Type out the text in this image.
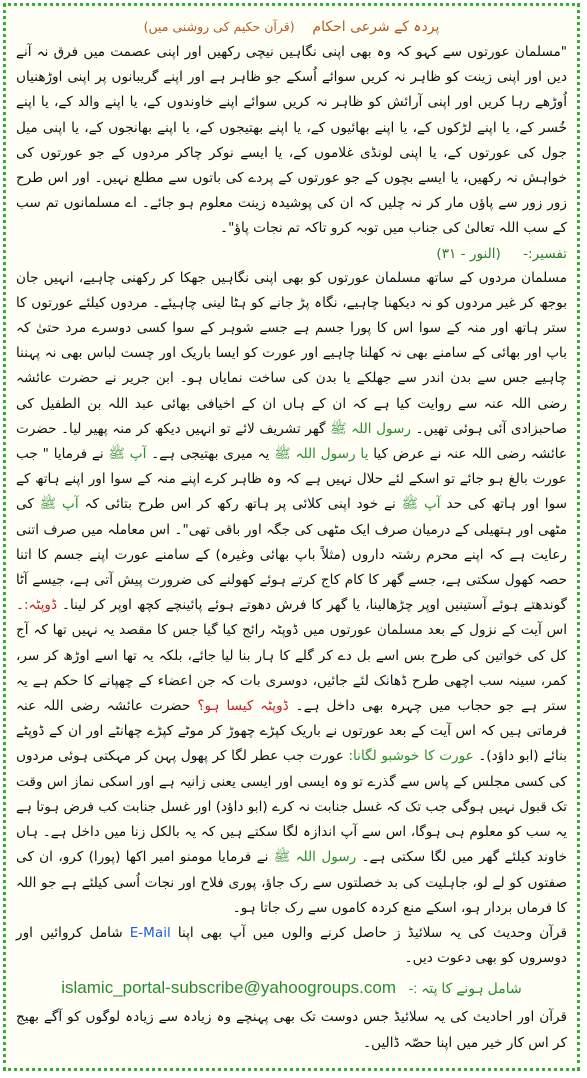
پردہ کے شرعی احکام    (قرآن حکیم کی روشنی میں)

"مسلمان عورتوں سے کہو کہ وہ بھی اپنی نگاہیں نیچی رکھیں اور اپنی عصمت میں فرق نہ آنے دیں اور اپنی زینت کو ظاہر نہ کریں سوائے اُسکے جو ظاہر ہے اور اپنے گریبانوں پر اپنی اوڑھنیاں اُوڑھے رہا کریں اور اپنی آرائش کو ظاہر نہ کریں سوائے اپنے خاوندوں کے، یا اپنے والد کے، یا اپنے خُسر کے، یا اپنے لڑکوں کے، یا اپنے بھائیوں کے، یا اپنے بھتیجوں کے، یا اپنے بھانجوں کے، یا اپنی میل جول کی عورتوں کے، یا اپنی لونڈی غلاموں کے، یا ایسے نوکر چاکر مردوں کے جو عورتوں کی خواہش نہ رکھیں، یا ایسے بچوں کے جو عورتوں کے پردے کی باتوں سے مطلع نہیں۔ اور اس طرح زور زور سے پاؤں مار کر نہ چلیں کہ ان کی پوشیدہ زینت معلوم ہو جائے۔ اے مسلمانوں تم سب کے سب اللہ تعالیٰ کی جناب میں توبہ کرو تاکہ تم نجات پاؤ"۔

تفسیر:- (النور - ۳۱)

مسلمان مردوں کے ساتھ مسلمان عورتوں کو بھی اپنی نگاہیں جھکا کر رکھنی چاہیے، انہیں جان بوجھ کر غیر مردوں کو نہ دیکھنا چاہیے، نگاہ پڑ جانے کو ہٹا لینی چاہیئے۔ مردوں کیلئے عورتوں کا ستر ہاتھ اور منہ کے سوا اس کا پورا جسم ہے جسے شوہر کے سوا کسی دوسرے مرد حتیٰ کہ باپ اور بھائی کے سامنے بھی نہ کھلنا چاہیے اور عورت کو ایسا باریک اور چست لباس بھی نہ پہننا چاہیے جس سے بدن اندر سے جھلکے یا بدن کی ساخت نمایاں ہو۔ ابن جریر نے حضرت عائشہ رضی اللہ عنہ سے روایت کیا ہے کہ ان کے ہاں ان کے اخیافی بھائی عبد اللہ بن الطفیل کی صاحبزادی آئی ہوئی تھیں۔ رسول اللہ ﷺ گھر تشریف لائے تو انہیں دیکھ کر منہ پھیر لیا۔ حضرت عائشہ رضی اللہ عنہ نے عرض کیا یا رسول اللہ ﷺ یہ میری بھتیجی ہے۔ آپ ﷺ نے فرمایا " جب عورت بالغ ہو جائے تو اسکے لئے حلال نہیں ہے کہ وہ ظاہر کرے اپنے منہ کے سوا اور اپنے ہاتھ کے سوا اور ہاتھ کی حد آپ ﷺ نے خود اپنی کلائی پر ہاتھ رکھ کر اس طرح بتائی کہ آپ ﷺ کی مٹھی اور ہتھیلی کے درمیان صرف ایک مٹھی کی جگہ اور باقی تھی"۔ اس معاملہ میں صرف اتنی رعایت ہے کہ اپنے محرم رشتہ داروں (مثلاً باپ بھائی وغیرہ) کے سامنے عورت اپنے جسم کا اتنا حصہ کھول سکتی ہے، جسے گھر کا کام کاج کرتے ہوئے کھولنے کی ضرورت پیش آتی ہے، جیسے آٹا گوندھتے ہوئے آستینیں اوپر چڑھالینا، یا گھر کا فرش دھوتے ہوئے پائینچے کچھ اوپر کر لینا۔ ڈوپٹہ:۔ اس آیت کے نزول کے بعد مسلمان عورتوں میں ڈوپٹہ رائج کیا گیا جس کا مقصد یہ نہیں تھا کہ آج کل کی خواتین کی طرح بس اسے بل دے کر گلے کا ہار بنا لیا جائے، بلکہ یہ تھا اسے اوڑھ کر سر، کمر، سینہ سب اچھی طرح ڈھانک لئے جائیں، دوسری بات کہ جن اعضاء کے چھپانے کا حکم ہے یہ ستر ہے جو حجاب میں چہرہ بھی داخل ہے۔ ڈوپٹہ کیسا ہو؟ حضرت عائشہ رضی اللہ عنہ فرماتی ہیں کہ اس آیت کے بعد عورتوں نے باریک کپڑے چھوڑ کر موٹے کپڑے چھانٹے اور ان کے ڈوپٹے بنائے (ابو داؤد)۔ عورت کا خوشبو لگانا: عورت جب عطر لگا کر پھول پہن کر مہکتی ہوئی مردوں کی کسی مجلس کے پاس سے گذرے تو وہ ایسی اور ایسی یعنی زانیہ ہے اور اسکی نماز اس وقت تک قبول نہیں ہوگی جب تک کہ غسل جنابت نہ کرے (ابو داؤد) اور غسل جنابت کب فرض ہوتا ہے یہ سب کو معلوم ہی ہوگا، اس سے آپ اندازہ لگا سکتے ہیں کہ یہ بالکل زنا میں داخل ہے۔ ہاں خاوند کیلئے گھر میں لگا سکتی ہے۔ رسول اللہ ﷺ نے فرمایا مومنو امیر اکھا (پورا) کرو، ان کی صفتوں کو لے لو، جاہلیت کی بد خصلتوں سے رک جاؤ، پوری فلاح اور نجات اُسی کیلئے ہے جو اللہ کا فرماں بردار ہو، اسکے منع کردہ کاموں سے رک جاتا ہو۔

قرآن وحدیث کی یہ سلائیڈ ز حاصل کرنے والوں میں آپ بھی اپنا E-Mail شامل کروائیں اور دوسروں کو بھی دعوت دیں۔

islamic_portal-subscribe@yahoogroups.com شامل ہونے کا پتہ :-

قرآن اور احادیث کی یہ سلائیڈ جس دوست تک بھی پہنچے وہ زیادہ سے زیادہ لوگوں کو آگے بھیج کر اس کار خیر میں اپنا حصّہ ڈالیں۔
